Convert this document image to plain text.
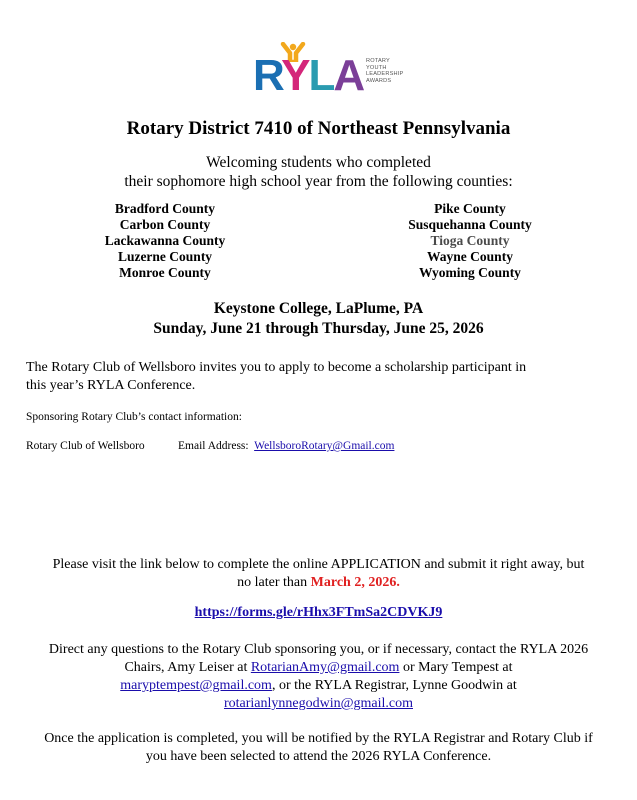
RYLA ROTARY
YOUTH
LEADERSHIP
AWARDS
Rotary District 7410 of Northeast Pennsylvania
Welcoming students who completed
their sophomore high school year from the following counties:
Bradford County
Carbon County
Lackawanna County
Luzerne County
Monroe County
Pike County
Susquehanna County
Tioga County
Wayne County
Wyoming County
Keystone College, LaPlume, PA
Sunday, June 21 through Thursday, June 25, 2026
The Rotary Club of Wellsboro invites you to apply to become a scholarship participant in
this year’s RYLA Conference.
Sponsoring Rotary Club’s contact information:
Rotary Club of Wellsboro	Email Address: WellsboroRotary@Gmail.com
Please visit the link below to complete the online APPLICATION and submit it right away, but
no later than March 2, 2026.
https://forms.gle/rHhx3FTmSa2CDVKJ9
Direct any questions to the Rotary Club sponsoring you, or if necessary, contact the RYLA 2026
Chairs, Amy Leiser at RotarianAmy@gmail.com or Mary Tempest at
maryptempest@gmail.com, or the RYLA Registrar, Lynne Goodwin at
rotarianlynnegodwin@gmail.com
Once the application is completed, you will be notified by the RYLA Registrar and Rotary Club if
you have been selected to attend the 2026 RYLA Conference.
